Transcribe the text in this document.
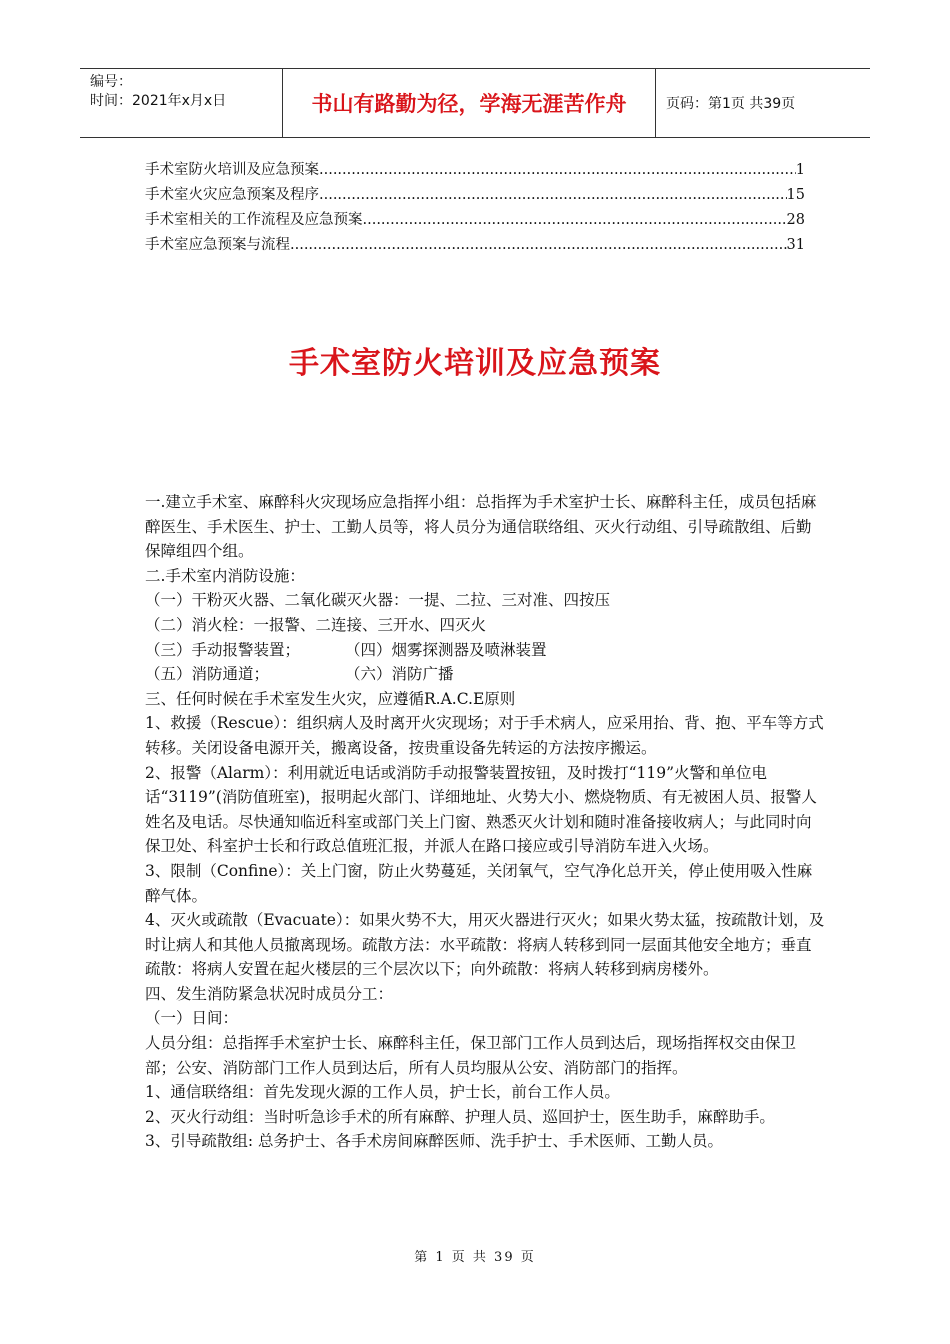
编号：
时间：2021年x月x日	书山有路勤为径，学海无涯苦作舟	页码：第1页 共39页
手术室防火培训及应急预案 .....	1
手术室火灾应急预案及程序 .....	15
手术室相关的工作流程及应急预案 .....	28
手术室应急预案与流程 .....	31
手术室防火培训及应急预案

一.建立手术室、麻醉科火灾现场应急指挥小组：总指挥为手术室护士长、麻醉科主任，成员包括麻醉医生、手术医生、护士、工勤人员等，将人员分为通信联络组、灭火行动组、引导疏散组、后勤保障组四个组。

二.手术室内消防设施：

（一）干粉灭火器、二氧化碳灭火器：一提、二拉、三对准、四按压

（二）消火栓：一报警、二连接、三开水、四灭火

（三）手动报警装置；	（四）烟雾探测器及喷淋装置

（五）消防通道；	（六）消防广播

三、任何时候在手术室发生火灾，应遵循R.A.C.E原则

1、救援（Rescue）：组织病人及时离开火灾现场；对于手术病人，应采用抬、背、抱、平车等方式转移。关闭设备电源开关，搬离设备，按贵重设备先转运的方法按序搬运。

2、报警（Alarm）：利用就近电话或消防手动报警装置按钮，及时拨打“119”火警和单位电话“3119”(消防值班室)，报明起火部门、详细地址、火势大小、燃烧物质、有无被困人员、报警人姓名及电话。尽快通知临近科室或部门关上门窗、熟悉灭火计划和随时准备接收病人；与此同时向保卫处、科室护士长和行政总值班汇报，并派人在路口接应或引导消防车进入火场。

3、限制（Confine）：关上门窗，防止火势蔓延，关闭氧气，空气净化总开关，停止使用吸入性麻醉气体。

4、灭火或疏散（Evacuate）：如果火势不大，用灭火器进行灭火；如果火势太猛，按疏散计划，及时让病人和其他人员撤离现场。疏散方法：水平疏散：将病人转移到同一层面其他安全地方；垂直疏散：将病人安置在起火楼层的三个层次以下；向外疏散：将病人转移到病房楼外。

四、发生消防紧急状况时成员分工：

（一）日间：

人员分组：总指挥手术室护士长、麻醉科主任，保卫部门工作人员到达后，现场指挥权交由保卫部；公安、消防部门工作人员到达后，所有人员均服从公安、消防部门的指挥。

1、通信联络组：首先发现火源的工作人员，护士长，前台工作人员。

2、灭火行动组：当时听急诊手术的所有麻醉、护理人员、巡回护士，医生助手，麻醉助手。

3、引导疏散组: 总务护士、各手术房间麻醉医师、洗手护士、手术医师、工勤人员。

第 1 页 共 39 页
